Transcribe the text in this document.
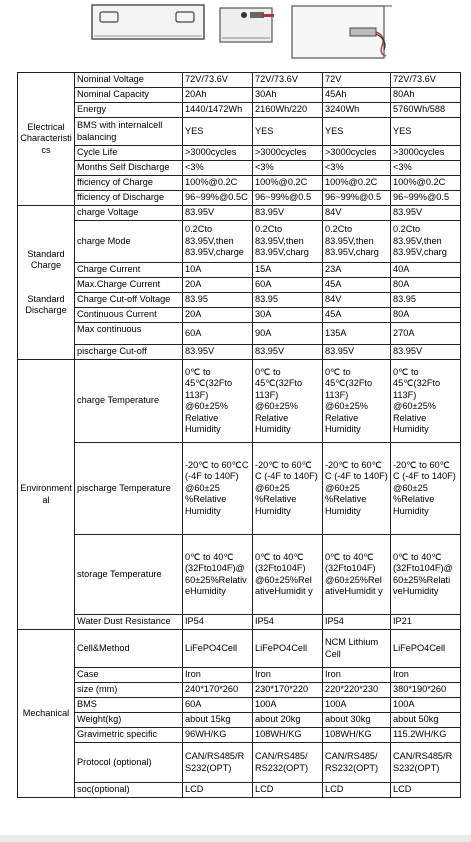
Electrical Characteristics	Nominal Voltage	72V/73.6V	72V/73.6V	72V	72V/73.6V
	Nominal Capacity	20Ah	30Ah	45Ah	80Ah
	Energy	1440/1472Wh	2160Wh/220	3240Wh	5760Wh/588
	BMS with internalcell balancing	YES	YES	YES	YES
	Cycle Life	>3000cycles	>3000cycles	>3000cycles	>3000cycles
	Months Self Discharge	<3%	<3%	<3%	<3%
	fficiency of Charge	100%@0.2C	100%@0.2C	100%@0.2C	100%@0.2C
	fficiency of Discharge	96~99%@0.5C	96~99%@0.5	96~99%@0.5	96~99%@0.5

Standard Charge
Standard Discharge	charge Voltage	83.95V	83.95V	84V	83.95V
	charge Mode	0.2Cto 83.95V,then 83.95V,charge	0.2Cto 83.95V,then 83.95V,charg	0.2Cto 83.95V,then 83.95V,charg	0.2Cto 83.95V,then 83.95V,charg
	Charge Current	10A	15A	23A	40A
	Max.Charge Current	20A	60A	45A	80A
	Charge Cut-off Voltage	83.95	83.95	84V	83.95
	Continuous Current	20A	30A	45A	80A
	Max continuous	60A	90A	135A	270A
	pischarge Cut-off	83.95V	83.95V	83.95V	83.95V
Environmental	charge Temperature	0℃ to 45℃(32Fto 113F) @60±25% Relative Humidity	0℃ to 45℃(32Fto 113F) @60±25% Relative Humidity	0℃ to 45℃(32Fto 113F) @60±25% Relative Humidity	0℃ to 45℃(32Fto 113F) @60±25% Relative Humidity
	pischarge Temperature	-20℃ to 60℃C (-4F to 140F) @60±25 %Relative Humidity	-20℃ to 60℃ C (-4F to 140F) @60±25 %Relative Humidity	-20℃ to 60℃ C (-4F to 140F) @60±25 %Relative Humidity	-20℃ to 60℃ C (-4F to 140F) @60±25 %Relative Humidity
	storage Temperature	0℃ to 40℃ (32Fto104F)@ 60±25%Relativ eHumidity	0℃ to 40℃ (32Fto104F) @60±25%Rel ativeHumidit y	0℃ to 40℃ (32Fto104F) @60±25%Rel ativeHumidit y	0℃ to 40℃ (32Fto104F)@ 60±25%Relati veHumidity
	Water Dust Resistance	IP54	IP54	IP54	IP21
Mechanical	Cell&Method	LiFePO4Cell	LiFePO4Cell	NCM Lithium Cell	LiFePO4Cell
	Case	Iron	Iron	Iron	Iron
	size (mm)	240*170*260	230*170*220	220*220*230	380*190*260
	BMS	60A	100A	100A	100A
	Weight(kg)	about 15kg	about 20kg	about 30kg	about 50kg
	Gravimetric specific	96WH/KG	108WH/KG	108WH/KG	115.2WH/KG
	Protocol (optional)	CAN/RS485/R S232(OPT)	CAN/RS485/ RS232(OPT)	CAN/RS485/ RS232(OPT)	CAN/RS485/R S232(OPT)
	soc(optional)	LCD	LCD	LCD	LCD
